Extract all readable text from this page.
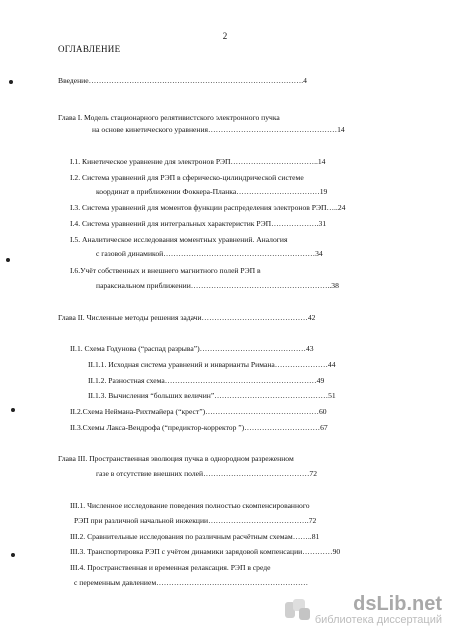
2
ОГЛАВЛЕНИЕ
Введение………………………………………………………………………….4
Глава I. Модель стационарного релятивистского электронного пучка
на основе кинетического уравнения……………………………………………14
I.1. Кинетическое уравнение для электронов РЭП……………………………..14
I.2. Система уравнений для РЭП в сферическо-цилиндрической системе
координат в приближении Фоккера-Планка……………………………19
I.3. Система уравнений для моментов функции распределения электронов РЭП…..24
I.4. Система уравнений для интегральных характеристик РЭП……………….31
I.5. Аналитическое исследования моментных уравнений. Аналогия
с газовой динамикой……………………………………………………34
I.6.Учёт собственных и внешнего магнитного полей РЭП в
параксиальном приближении………………………………………………..38
Глава II. Численные методы решения задачи……………………………………42
II.1. Схема Годунова (“распад разрыва”)……………………………………43
II.1.1. Исходная система уравнений и инварианты Римана…………………44
II.1.2. Разностная схема……………………………………………………49
II.1.3. Вычисления “больших величин”………………………………………51
II.2.Схема Неймана-Рихтмайера (“крест”)………………………………………60
II.3.Схемы Лакса-Вендрофа (“предиктор-корректор ”)…………………………67
Глава III. Пространственная эволюция пучка в однородном разреженном
газе в отсутствие внешних полей……………………………………72
III.1. Численное исследование поведения полностью скомпенсированного
РЭП при различной начальной инжекции………………………………….72
III.2. Сравнительные исследования по различным расчётным схемам……..81
III.3. Транспортировка РЭП с учётом динамики зарядовой компенсации…………90
III.4. Пространственная и временная релаксация. РЭП в среде
с переменным давлением……………………………………………………
dsLib.net
библиотека диссертаций
